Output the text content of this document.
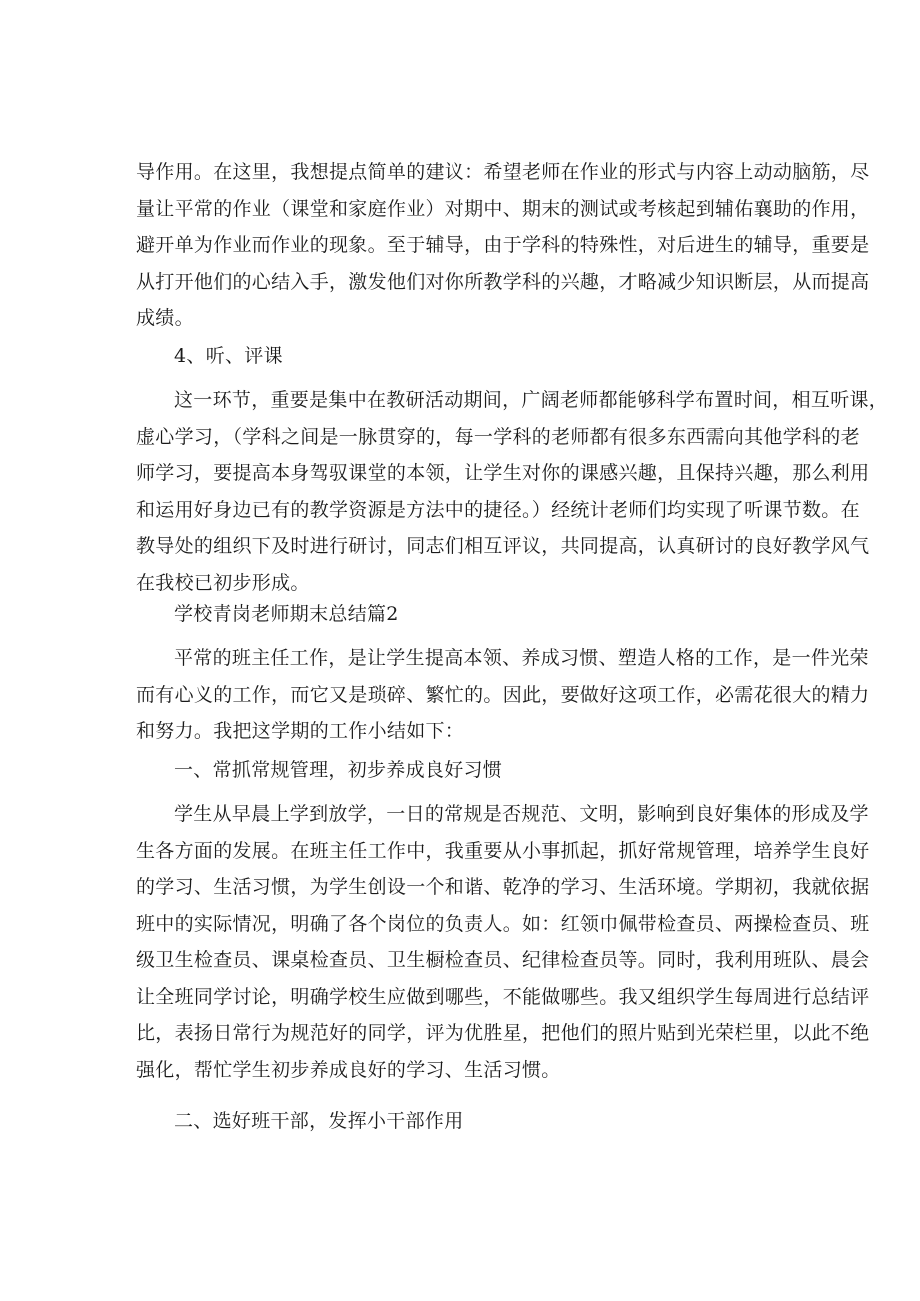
导作用。在这里，我想提点简单的建议：希望老师在作业的形式与内容上动动脑筋，尽
量让平常的作业（课堂和家庭作业）对期中、期末的测试或考核起到辅佑襄助的作用，
避开单为作业而作业的现象。至于辅导，由于学科的特殊性，对后进生的辅导，重要是
从打开他们的心结入手，激发他们对你所教学科的兴趣，才略减少知识断层，从而提高
成绩。
4、听、评课
这一环节，重要是集中在教研活动期间，广阔老师都能够科学布置时间，相互听课，
虚心学习，（学科之间是一脉贯穿的，每一学科的老师都有很多东西需向其他学科的老
师学习，要提高本身驾驭课堂的本领，让学生对你的课感兴趣，且保持兴趣，那么利用
和运用好身边已有的教学资源是方法中的捷径。）经统计老师们均实现了听课节数。在
教导处的组织下及时进行研讨，同志们相互评议，共同提高，认真研讨的良好教学风气
在我校已初步形成。
学校青岗老师期末总结篇2
平常的班主任工作，是让学生提高本领、养成习惯、塑造人格的工作，是一件光荣
而有心义的工作，而它又是琐碎、繁忙的。因此，要做好这项工作，必需花很大的精力
和努力。我把这学期的工作小结如下：
一、常抓常规管理，初步养成良好习惯
学生从早晨上学到放学，一日的常规是否规范、文明，影响到良好集体的形成及学
生各方面的发展。在班主任工作中，我重要从小事抓起，抓好常规管理，培养学生良好
的学习、生活习惯，为学生创设一个和谐、乾净的学习、生活环境。学期初，我就依据
班中的实际情况，明确了各个岗位的负责人。如：红领巾佩带检查员、两操检查员、班
级卫生检查员、课桌检查员、卫生橱检查员、纪律检查员等。同时，我利用班队、晨会
让全班同学讨论，明确学校生应做到哪些，不能做哪些。我又组织学生每周进行总结评
比，表扬日常行为规范好的同学，评为优胜星，把他们的照片贴到光荣栏里，以此不绝
强化，帮忙学生初步养成良好的学习、生活习惯。
二、选好班干部，发挥小干部作用
